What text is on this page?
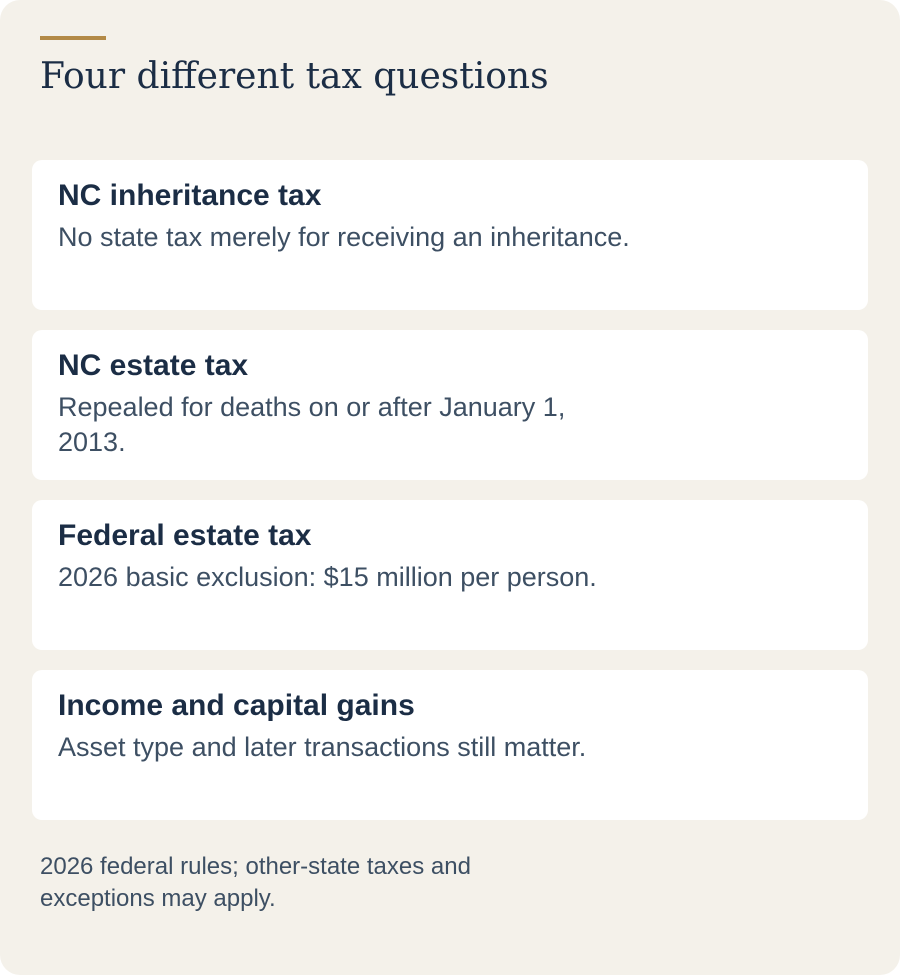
Four different tax questions
NC inheritance tax

No state tax merely for receiving an inheritance.

NC estate tax

Repealed for deaths on or after January 1, 2013.

Federal estate tax

2026 basic exclusion: $15 million per person.

Income and capital gains

Asset type and later transactions still matter.

2026 federal rules; other-state taxes and exceptions may apply.
